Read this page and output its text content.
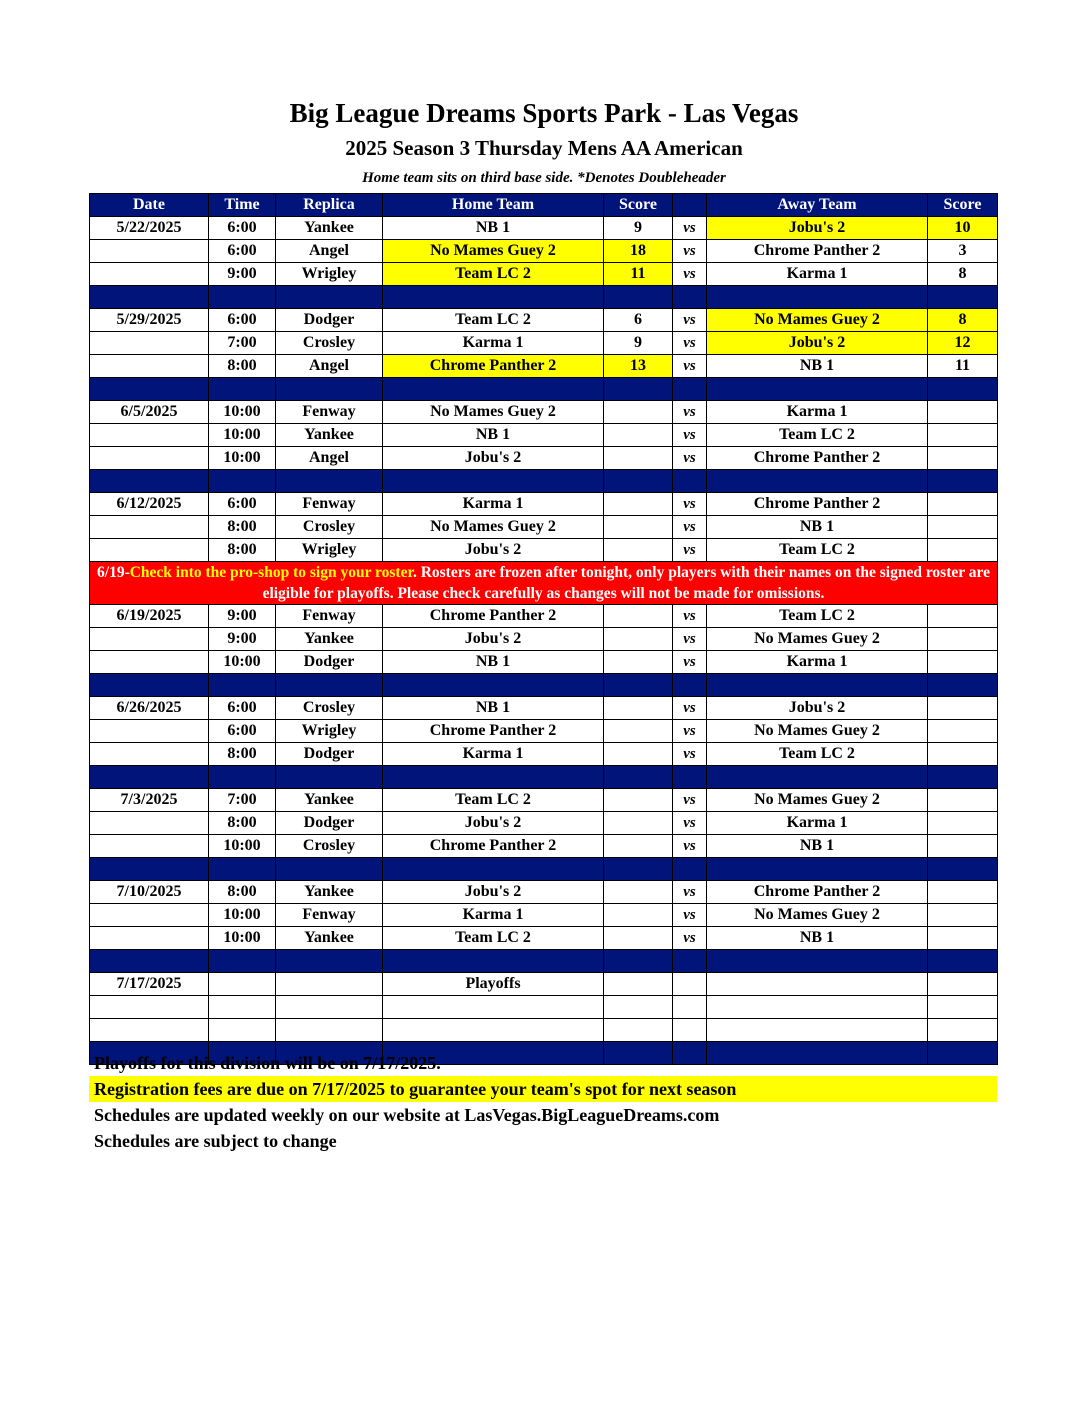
Big League Dreams Sports Park - Las Vegas
2025 Season 3 Thursday Mens AA American
Home team sits on third base side. *Denotes Doubleheader
Date	Time	Replica	Home Team	Score		Away Team	Score
5/22/2025	6:00	Yankee	NB 1	9	vs	Jobu's 2	10
	6:00	Angel	No Mames Guey 2	18	vs	Chrome Panther 2	3
	9:00	Wrigley	Team LC 2	11	vs	Karma 1	8

5/29/2025	6:00	Dodger	Team LC 2	6	vs	No Mames Guey 2	8
	7:00	Crosley	Karma 1	9	vs	Jobu's 2	12
	8:00	Angel	Chrome Panther 2	13	vs	NB 1	11

6/5/2025	10:00	Fenway	No Mames Guey 2		vs	Karma 1	
	10:00	Yankee	NB 1		vs	Team LC 2	
	10:00	Angel	Jobu's 2		vs	Chrome Panther 2	

6/12/2025	6:00	Fenway	Karma 1		vs	Chrome Panther 2	
	8:00	Crosley	No Mames Guey 2		vs	NB 1	
	8:00	Wrigley	Jobu's 2		vs	Team LC 2	
6/19-Check into the pro-shop to sign your roster. Rosters are frozen after tonight, only players with their names on the signed roster are eligible for playoffs. Please check carefully as changes will not be made for omissions.							
6/19/2025	9:00	Fenway	Chrome Panther 2		vs	Team LC 2	
	9:00	Yankee	Jobu's 2		vs	No Mames Guey 2	
	10:00	Dodger	NB 1		vs	Karma 1	

6/26/2025	6:00	Crosley	NB 1		vs	Jobu's 2	
	6:00	Wrigley	Chrome Panther 2		vs	No Mames Guey 2	
	8:00	Dodger	Karma 1		vs	Team LC 2	

7/3/2025	7:00	Yankee	Team LC 2		vs	No Mames Guey 2	
	8:00	Dodger	Jobu's 2		vs	Karma 1	
	10:00	Crosley	Chrome Panther 2		vs	NB 1	

7/10/2025	8:00	Yankee	Jobu's 2		vs	Chrome Panther 2	
	10:00	Fenway	Karma 1		vs	No Mames Guey 2	
	10:00	Yankee	Team LC 2		vs	NB 1	

7/17/2025			Playoffs				

Playoffs for this division will be on 7/17/2025.
Registration fees are due on 7/17/2025 to guarantee your team's spot for next season
Schedules are updated weekly on our website at LasVegas.BigLeagueDreams.com
Schedules are subject to change
